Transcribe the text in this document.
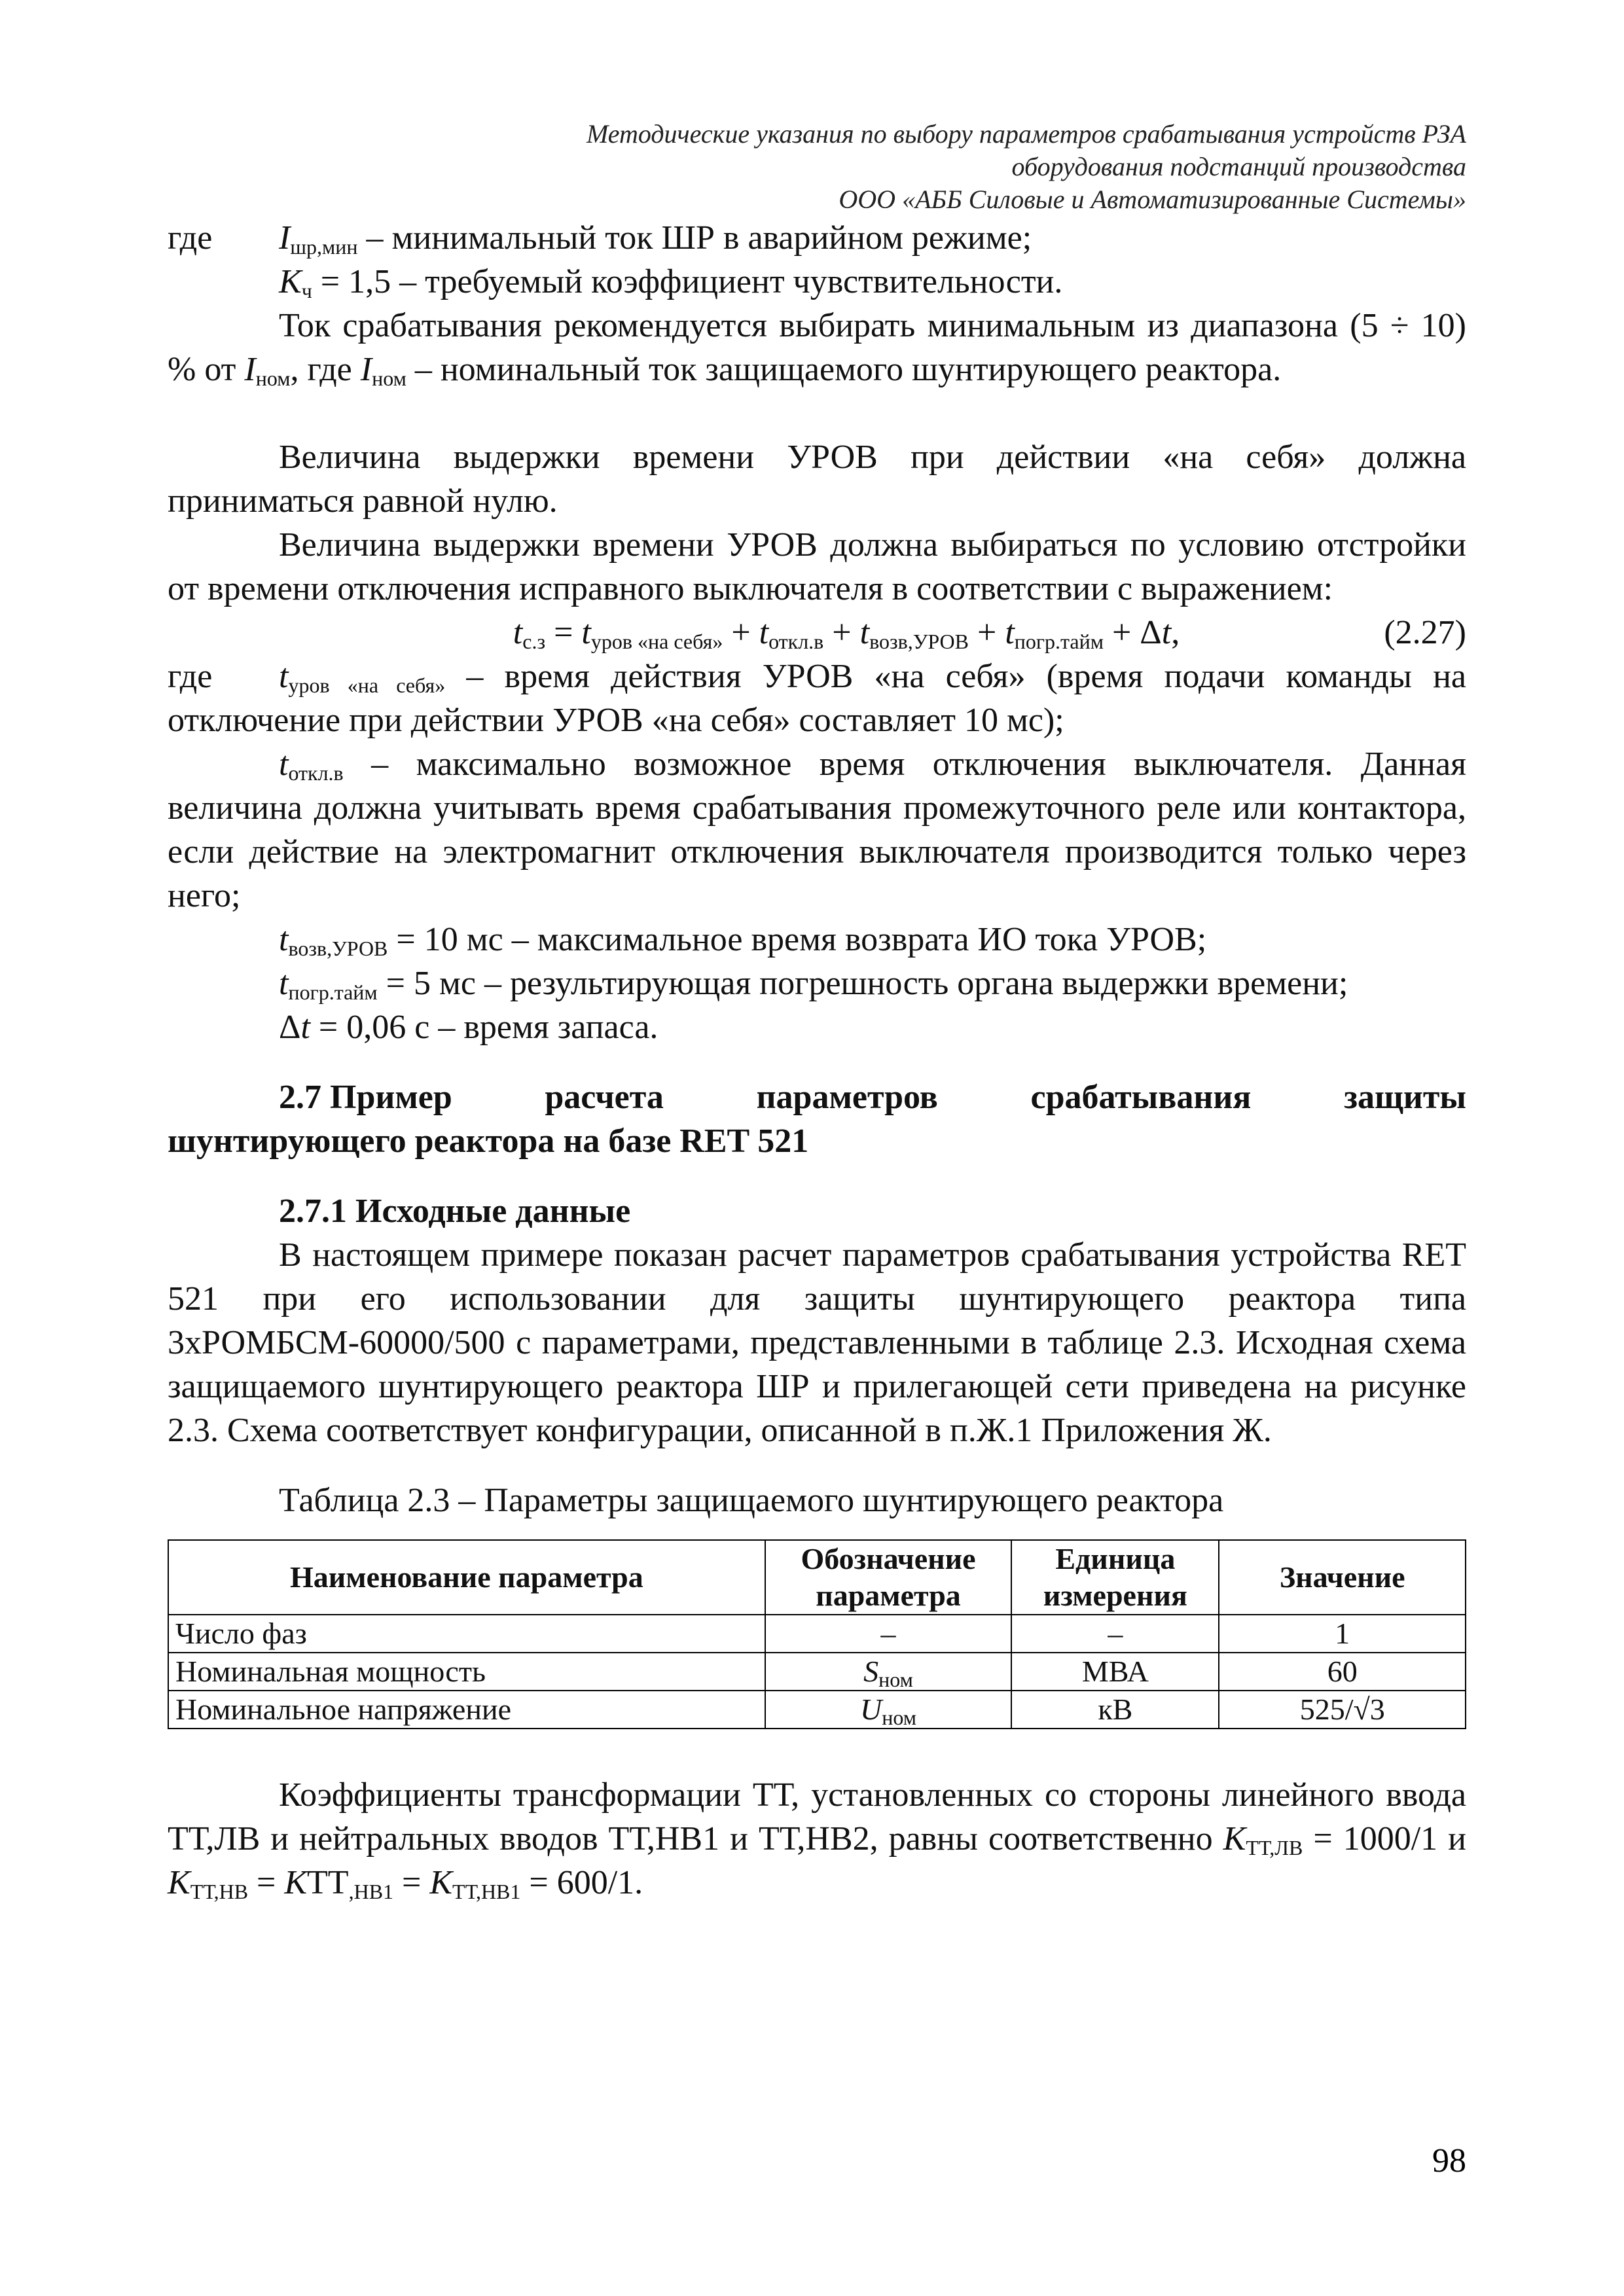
Методические указания по выбору параметров срабатывания устройств РЗА
оборудования подстанций производства
ООО «АББ Силовые и Автоматизированные Системы»

где $I_{шр,мин}$ – минимальный ток ШР в аварийном режиме;

$K_ч = 1,5$ – требуемый коэффициент чувствительности.

Ток срабатывания рекомендуется выбирать минимальным из диапазона (5 ÷ 10) % от $I_{ном}$, где $I_{ном}$ – номинальный ток защищаемого шунтирующего реактора.

Величина выдержки времени УРОВ при действии «на себя» должна приниматься равной нулю.

Величина выдержки времени УРОВ должна выбираться по условию отстройки от времени отключения исправного выключателя в соответствии с выражением:

$t_{с.з} = t_{уров «на себя»} + t_{откл.в} + t_{возв,УРОВ} + t_{погр.тайм} + \Delta t$,	(2.27)

где $t_{уров «на себя»}$ – время действия УРОВ «на себя» (время подачи команды на отключение при действии УРОВ «на себя» составляет 10 мс);

$t_{откл.в}$ – максимально возможное время отключения выключателя. Данная величина должна учитывать время срабатывания промежуточного реле или контактора, если действие на электромагнит отключения выключателя производится только через него;

$t_{возв,УРОВ} = 10$ мс – максимальное время возврата ИО тока УРОВ;

$t_{погр.тайм} = 5$ мс – результирующая погрешность органа выдержки времени;

Δt = 0,06 с – время запаса.

2.7 Пример	расчета	параметров	срабатывания	защиты
шунтирующего реактора на базе RET 521
2.7.1 Исходные данные

В настоящем примере показан расчет параметров срабатывания устройства RET 521 при его использовании для защиты шунтирующего реактора типа 3хРОМБСМ-60000/500 с параметрами, представленными в таблице 2.3. Исходная схема защищаемого шунтирующего реактора ШР и прилегающей сети приведена на рисунке 2.3. Схема соответствует конфигурации, описанной в п.Ж.1 Приложения Ж.

Таблица 2.3 – Параметры защищаемого шунтирующего реактора

Наименование параметра	Обозначение параметра	Единица измерения	Значение
Число фаз	–	–	1
Номинальная мощность	$S_{ном}$	МВА	60
Номинальное напряжение	$U_{ном}$	кВ	525/√3

Коэффициенты трансформации ТТ, установленных со стороны линейного ввода ТТ,ЛВ и нейтральных вводов ТТ,НВ1 и ТТ,НВ2, равны соответственно $K_{ТТ,ЛВ} = 1000/1$ и $K_{ТТ,НВ} = KТТ_{,НВ1} = K_{ТТ,НВ1} = 600/1$.

98
